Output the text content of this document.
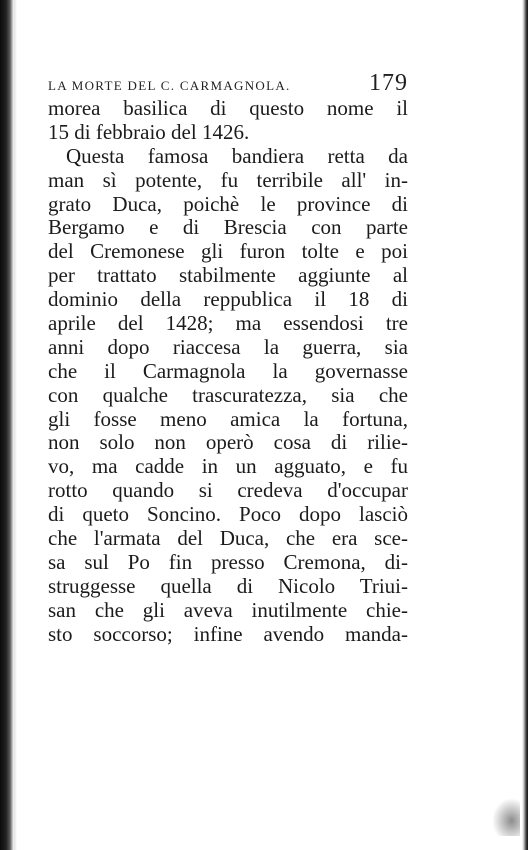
LA MORTE DEL C. CARMAGNOLA.	179
morea basilica di questo nome il
15 di febbraio del 1426.
Questa famosa bandiera retta da
man sì potente, fu terribile all' in-
grato Duca, poichè le province di
Bergamo e di Brescia con parte
del Cremonese gli furon tolte e poi
per trattato stabilmente aggiunte al
dominio della reppublica il 18 di
aprile del 1428; ma essendosi tre
anni dopo riaccesa la guerra, sia
che il Carmagnola la governasse
con qualche trascuratezza, sia che
gli fosse meno amica la fortuna,
non solo non operò cosa di rilie-
vo, ma cadde in un agguato, e fu
rotto quando si credeva d'occupar
di queto Soncino. Poco dopo lasciò
che l'armata del Duca, che era sce-
sa sul Po fin presso Cremona, di-
struggesse quella di Nicolo Triui-
san che gli aveva inutilmente chie-
sto soccorso; infine avendo manda-
